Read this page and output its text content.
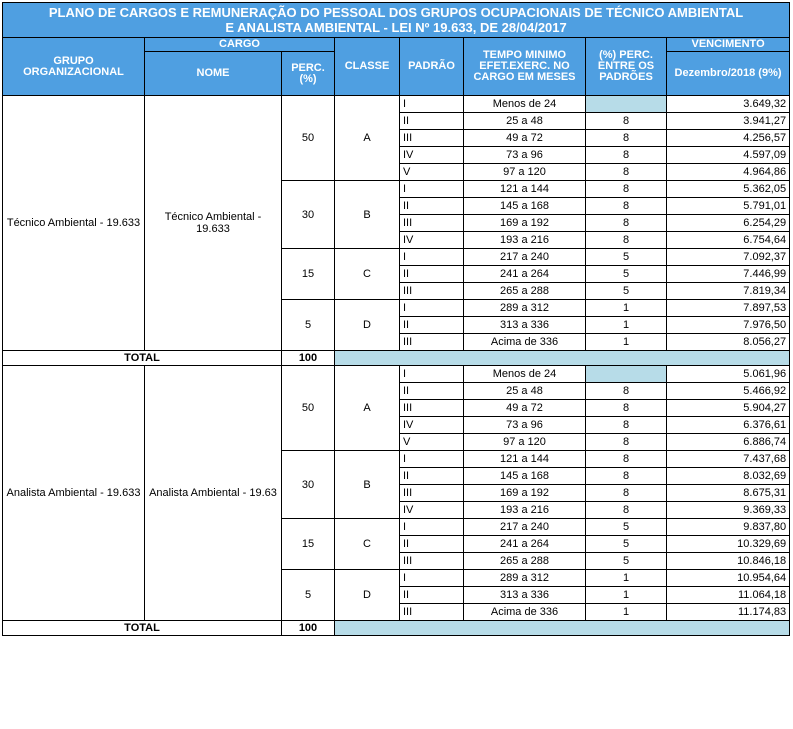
PLANO DE CARGOS E REMUNERAÇÃO DO PESSOAL DOS GRUPOS OCUPACIONAIS DE TÉCNICO AMBIENTAL
E ANALISTA AMBIENTAL - LEI Nº 19.633, DE 28/04/2017							
GRUPO ORGANIZACIONAL	CARGO		CLASSE	PADRÃO	TEMPO MINIMO EFET.EXERC. NO CARGO EM MESES	(%) PERC. ENTRE OS PADRÕES	VENCIMENTO
	NOME	PERC. (%)					Dezembro/2018 (9%)
Técnico Ambiental - 19.633	Técnico Ambiental - 19.633	50	A	I	Menos de 24		3.649,32
				II	25 a 48	8	3.941,27
				III	49 a 72	8	4.256,57
				IV	73 a 96	8	4.597,09
				V	97 a 120	8	4.964,86
		30	B	I	121 a 144	8	5.362,05
				II	145 a 168	8	5.791,01
				III	169 a 192	8	6.254,29
				IV	193 a 216	8	6.754,64
		15	C	I	217 a 240	5	7.092,37
				II	241 a 264	5	7.446,99
				III	265 a 288	5	7.819,34
		5	D	I	289 a 312	1	7.897,53
				II	313 a 336	1	7.976,50
				III	Acima de 336	1	8.056,27
TOTAL		100					
Analista Ambiental - 19.633	Analista Ambiental - 19.63	50	A	I	Menos de 24		5.061,96
				II	25 a 48	8	5.466,92
				III	49 a 72	8	5.904,27
				IV	73 a 96	8	6.376,61
				V	97 a 120	8	6.886,74
		30	B	I	121 a 144	8	7.437,68
				II	145 a 168	8	8.032,69
				III	169 a 192	8	8.675,31
				IV	193 a 216	8	9.369,33
		15	C	I	217 a 240	5	9.837,80
				II	241 a 264	5	10.329,69
				III	265 a 288	5	10.846,18
		5	D	I	289 a 312	1	10.954,64
				II	313 a 336	1	11.064,18
				III	Acima de 336	1	11.174,83
TOTAL		100					
